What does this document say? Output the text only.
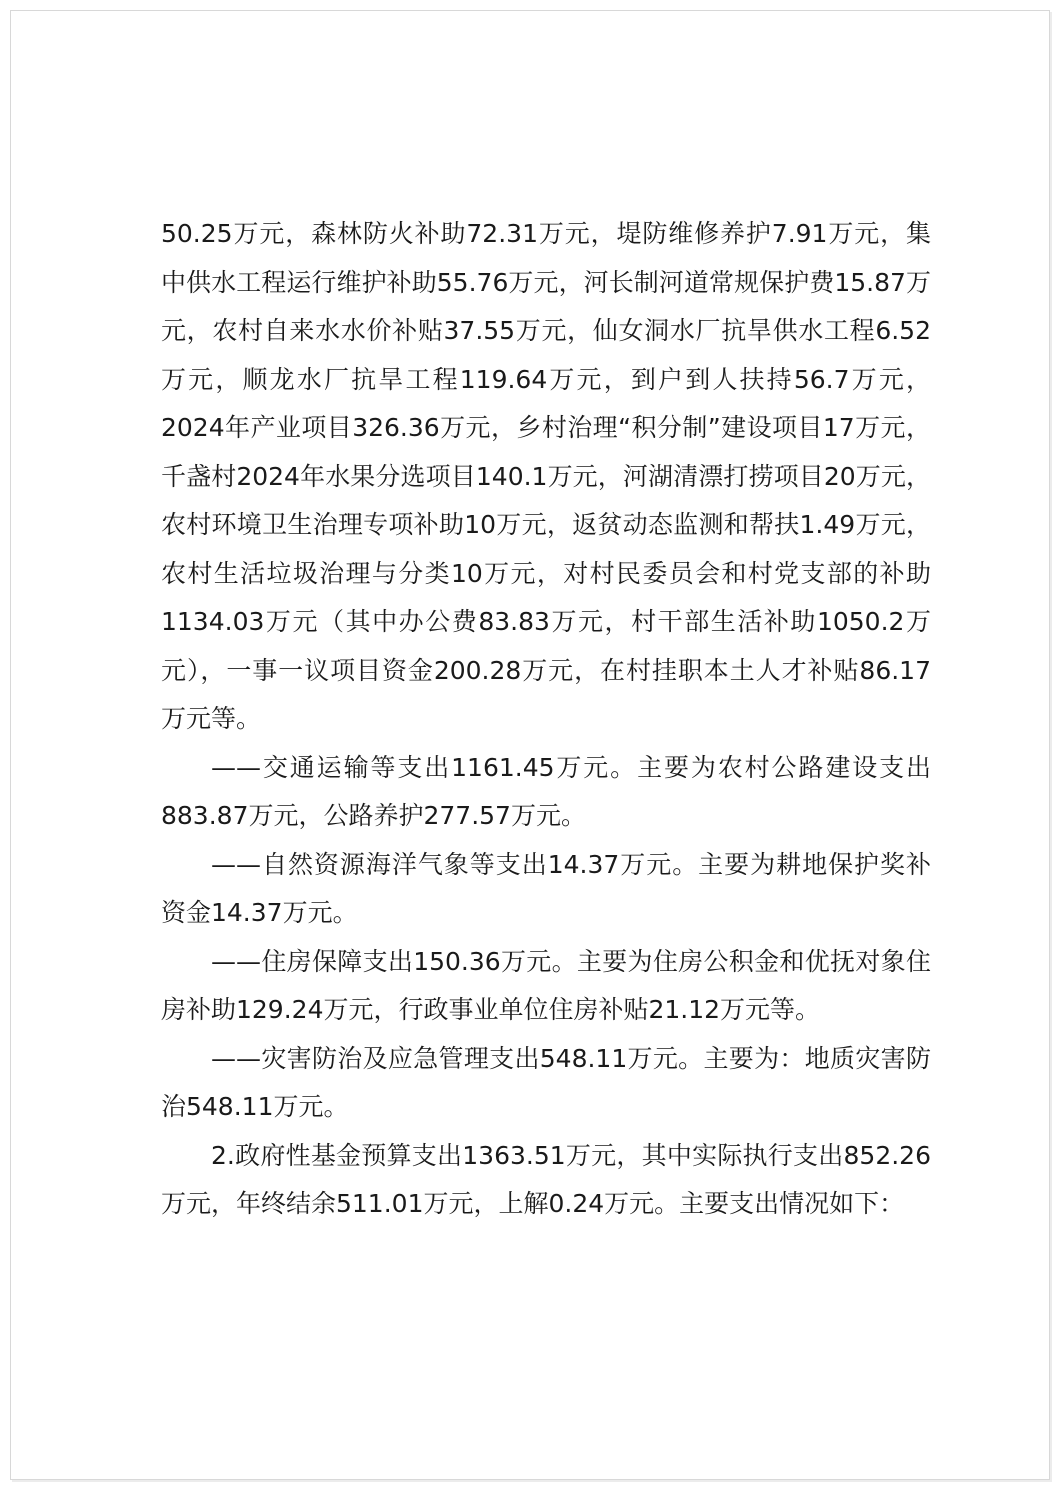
50.25万元，森林防火补助72.31万元，堤防维修养护7.91万元，集中供水工程运行维护补助55.76万元，河长制河道常规保护费15.87万元，农村自来水水价补贴37.55万元，仙女洞水厂抗旱供水工程6.52万元，顺龙水厂抗旱工程119.64万元，到户到人扶持56.7万元，2024年产业项目326.36万元，乡村治理“积分制”建设项目17万元，千盏村2024年水果分选项目140.1万元，河湖清漂打捞项目20万元，农村环境卫生治理专项补助10万元，返贫动态监测和帮扶1.49万元，农村生活垃圾治理与分类10万元，对村民委员会和村党支部的补助1134.03万元（其中办公费83.83万元，村干部生活补助1050.2万元），一事一议项目资金200.28万元，在村挂职本土人才补贴86.17万元等。

——交通运输等支出1161.45万元。主要为农村公路建设支出883.87万元，公路养护277.57万元。

——自然资源海洋气象等支出14.37万元。主要为耕地保护奖补资金14.37万元。

——住房保障支出150.36万元。主要为住房公积金和优抚对象住房补助129.24万元，行政事业单位住房补贴21.12万元等。

——灾害防治及应急管理支出548.11万元。主要为：地质灾害防治548.11万元。

2.政府性基金预算支出1363.51万元，其中实际执行支出852.26万元，年终结余511.01万元，上解0.24万元。主要支出情况如下：
